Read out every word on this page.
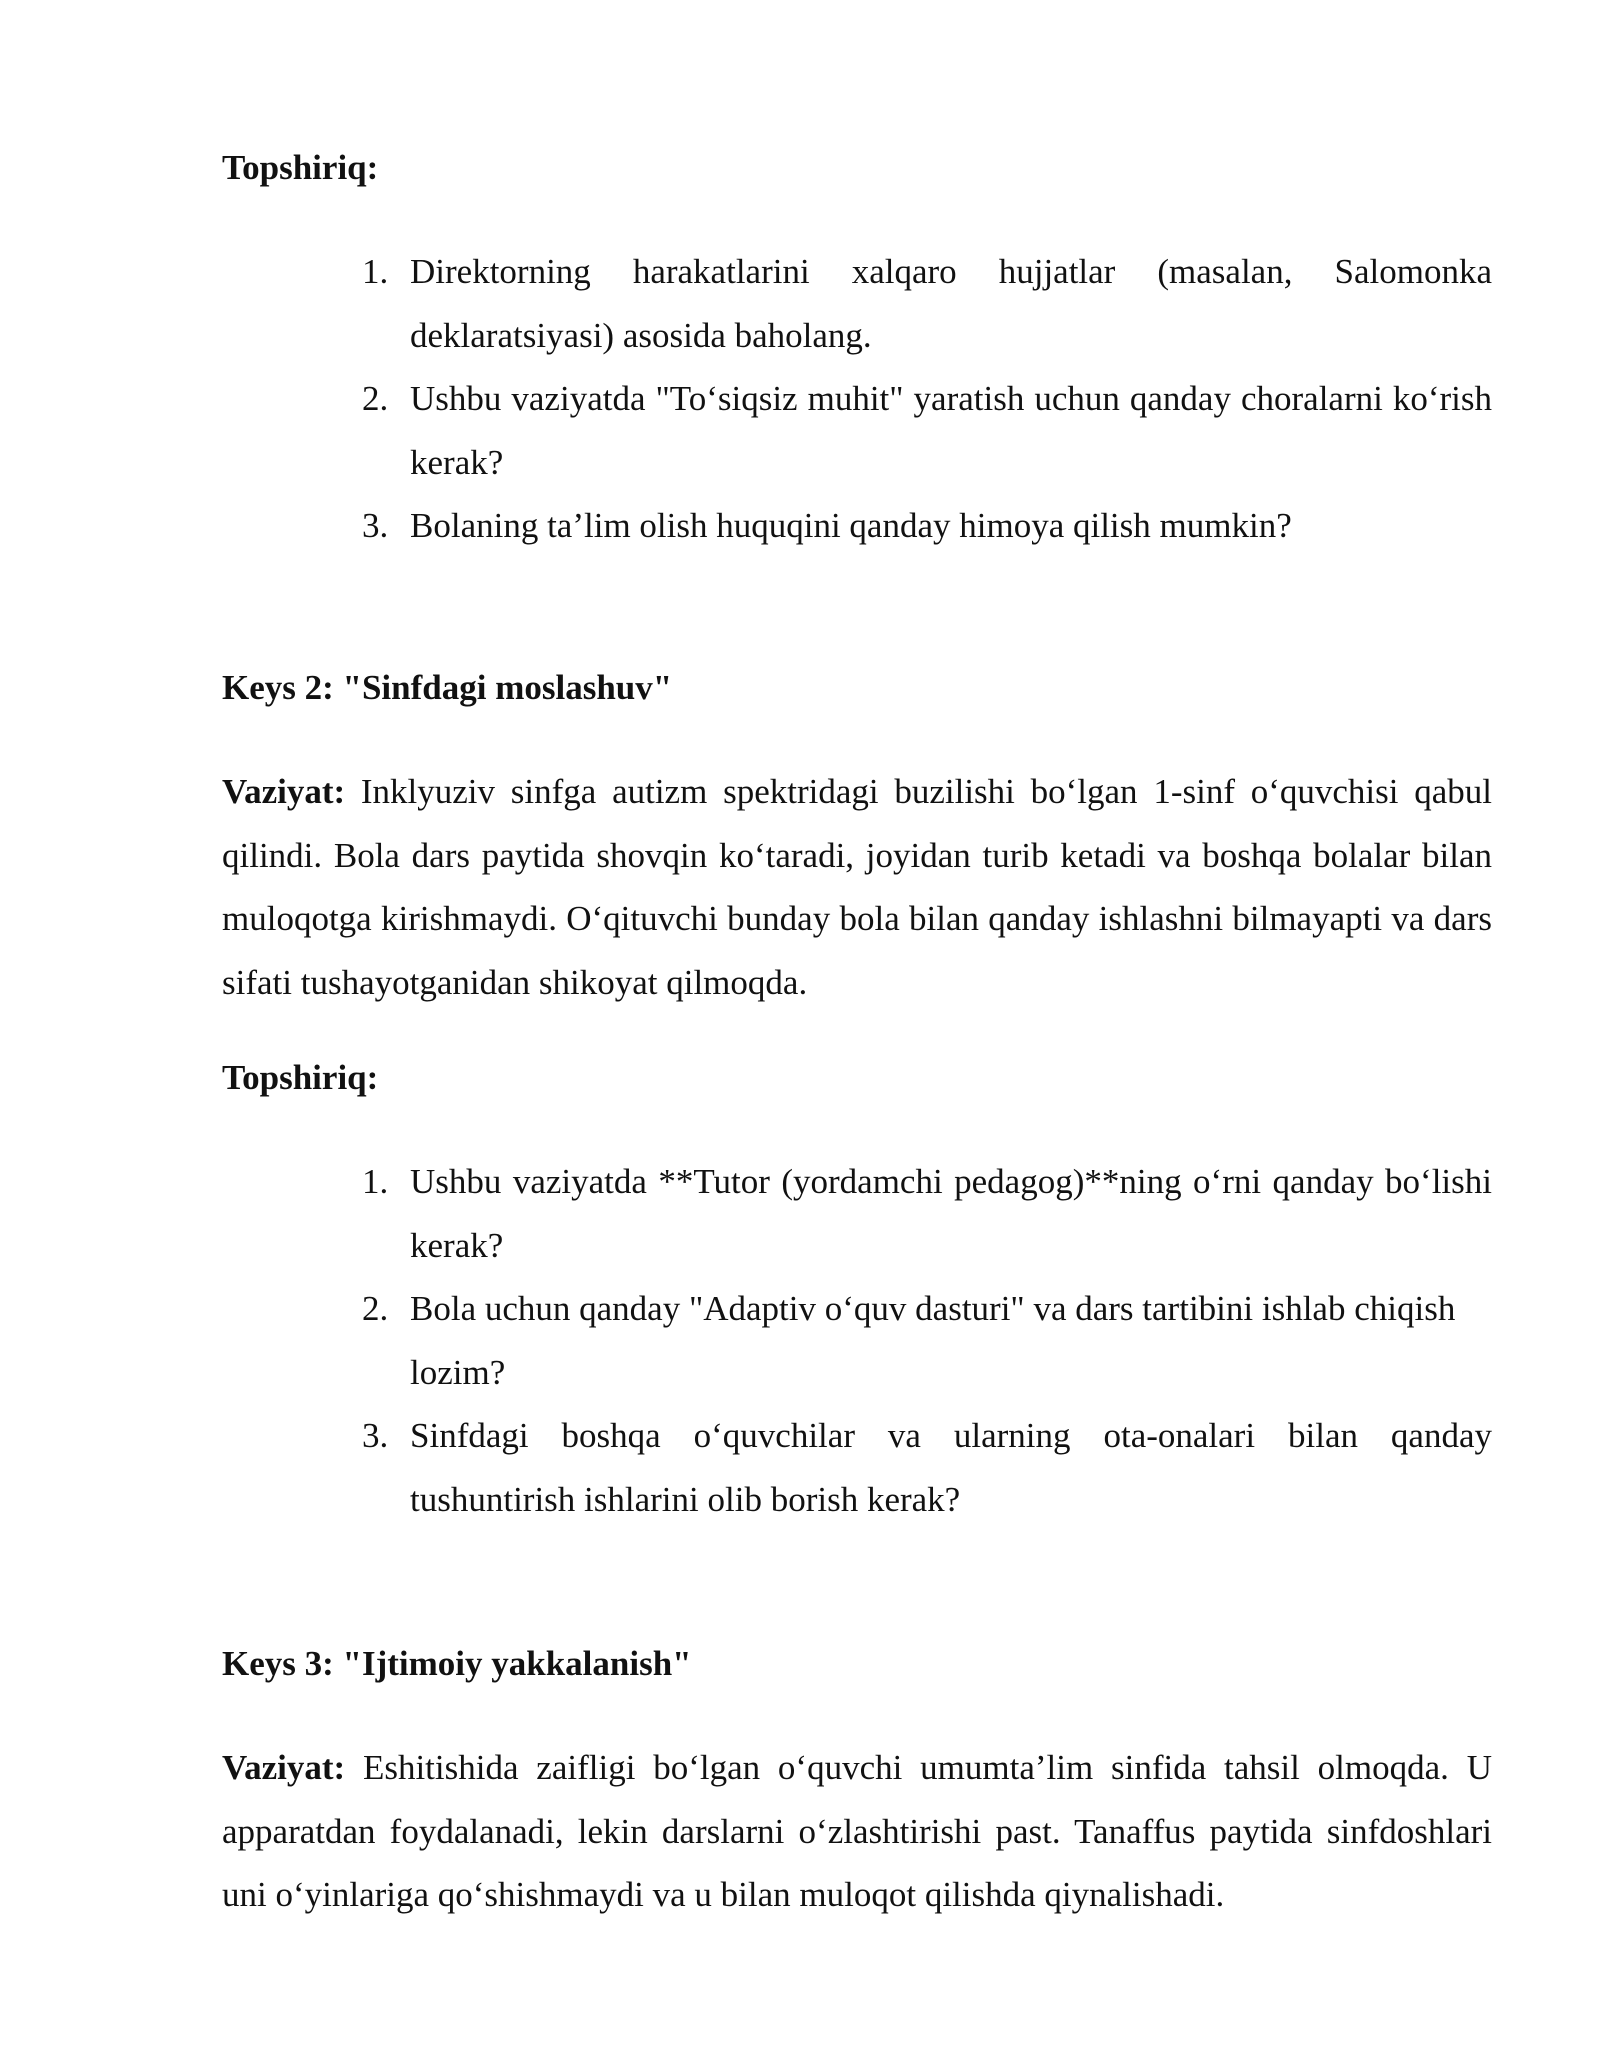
Topshiriq:
1. Direktorning harakatlarini xalqaro hujjatlar (masalan, Salomonka deklaratsiyasi) asosida baholang.
2. Ushbu vaziyatda "To‘siqsiz muhit" yaratish uchun qanday choralarni ko‘rish kerak?
3. Bolaning ta’lim olish huquqini qanday himoya qilish mumkin?
Keys 2: "Sinfdagi moslashuv"

Vaziyat: Inklyuziv sinfga autizm spektridagi buzilishi bo‘lgan 1-sinf o‘quvchisi qabul qilindi. Bola dars paytida shovqin ko‘taradi, joyidan turib ketadi va boshqa bolalar bilan muloqotga kirishmaydi. O‘qituvchi bunday bola bilan qanday ishlashni bilmayapti va dars sifati tushayotganidan shikoyat qilmoqda.

Topshiriq:
1. Ushbu vaziyatda **Tutor (yordamchi pedagog)**ning o‘rni qanday bo‘lishi kerak?
2. Bola uchun qanday "Adaptiv o‘quv dasturi" va dars tartibini ishlab chiqish lozim?
3. Sinfdagi boshqa o‘quvchilar va ularning ota-onalari bilan qanday tushuntirish ishlarini olib borish kerak?
Keys 3: "Ijtimoiy yakkalanish"

Vaziyat: Eshitishida zaifligi bo‘lgan o‘quvchi umumta’lim sinfida tahsil olmoqda. U apparatdan foydalanadi, lekin darslarni o‘zlashtirishi past. Tanaffus paytida sinfdoshlari uni o‘yinlariga qo‘shishmaydi va u bilan muloqot qilishda qiynalishadi.
